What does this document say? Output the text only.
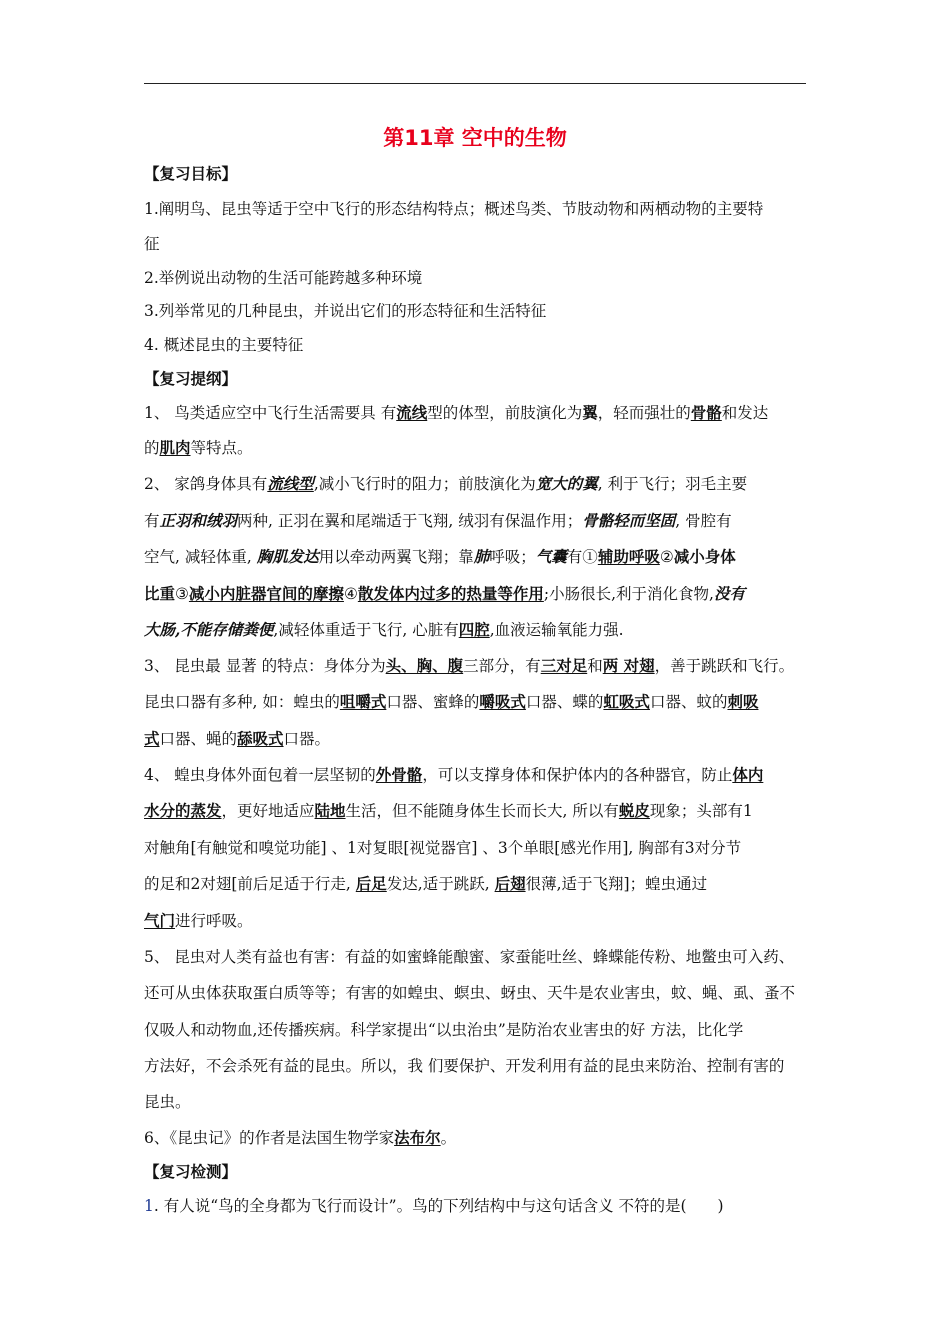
第11章 空中的生物
【复习目标】
1.阐明鸟、昆虫等适于空中飞行的形态结构特点；概述鸟类、节肢动物和两栖动物的主要特
征
2.举例说出动物的生活可能跨越多种环境
3.列举常见的几种昆虫，并说出它们的形态特征和生活特征
4. 概述昆虫的主要特征
【复习提纲】
1、 鸟类适应空中飞行生活需要具 有流线型的体型，前肢演化为翼，轻而强壮的骨骼和发达
的肌肉等特点。
2、 家鸽身体具有流线型,减小飞行时的阻力；前肢演化为宽大的翼, 利于飞行；羽毛主要
有正羽和绒羽两种, 正羽在翼和尾端适于飞翔, 绒羽有保温作用；骨骼轻而坚固, 骨腔有
空气, 减轻体重, 胸肌发达用以牵动两翼飞翔；靠肺呼吸；气囊有①辅助呼吸②减小身体
比重③减小内脏器官间的摩擦④散发体内过多的热量等作用;小肠很长,利于消化食物,没有
大肠,不能存储粪便,减轻体重适于飞行, 心脏有四腔,血液运输氧能力强.
3、 昆虫最 显著 的特点：身体分为头、胸、腹三部分，有三对足和两 对翅，善于跳跃和飞行。
昆虫口器有多种, 如：蝗虫的咀嚼式口器、蜜蜂的嚼吸式口器、蝶的虹吸式口器、蚊的刺吸
式口器、蝇的舔吸式口器。
4、 蝗虫身体外面包着一层坚韧的外骨骼，可以支撑身体和保护体内的各种器官，防止体内
水分的蒸发，更好地适应陆地生活，但不能随身体生长而长大, 所以有蜕皮现象；头部有1
对触角[有触觉和嗅觉功能] 、1对复眼[视觉器官] 、3个单眼[感光作用], 胸部有3对分节
的足和2对翅[前后足适于行走, 后足发达,适于跳跃, 后翅很薄,适于飞翔]；蝗虫通过
气门进行呼吸。
5、 昆虫对人类有益也有害：有益的如蜜蜂能酿蜜、家蚕能吐丝、蜂蝶能传粉、地鳖虫可入药、
还可从虫体获取蛋白质等等；有害的如蝗虫、螟虫、蚜虫、天牛是农业害虫，蚊、蝇、虱、蚤不
仅吸人和动物血,还传播疾病。科学家提出“以虫治虫”是防治农业害虫的好 方法，比化学
方法好，不会杀死有益的昆虫。所以，我 们要保护、开发利用有益的昆虫来防治、控制有害的
昆虫。
6、《昆虫记》的作者是法国生物学家法布尔。
【复习检测】
1. 有人说“鸟的全身都为飞行而设计”。鸟的下列结构中与这句话含义 不符的是(　　)
